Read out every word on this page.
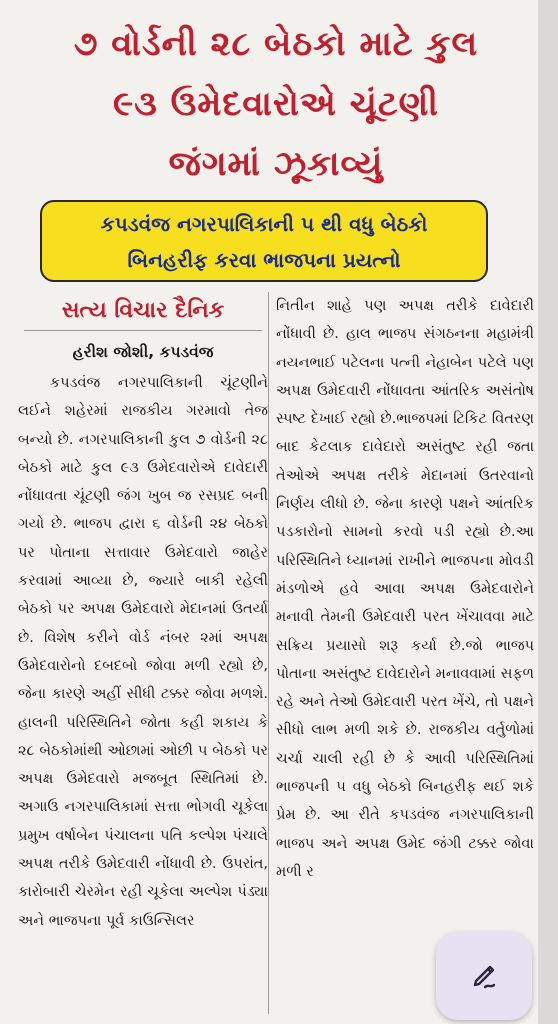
૭ વોર્ડની ૨૮ બેઠકો માટે કુલ
૯૩ ઉમેદવારોએ ચૂંટણી
જંગમાં ઝૂકાવ્યું
કપડવંજ નગરપાલિકાની ૫ થી વધુ બેઠકો
બિનહરીફ કરવા ભાજપના પ્રયત્નો
સત્ય વિચાર દૈનિક
હરીશ જોશી, કપડવંજ

કપડવંજ નગરપાલિકાની ચૂંટણીને લઈને શહેરમાં રાજકીય ગરમાવો તેજ બન્યો છે. નગરપાલિકાની કુલ ૭ વોર્ડની ૨૮ બેઠકો માટે કુલ ૯૩ ઉમેદવારોએ દાવેદારી નોંધાવતા ચૂંટણી જંગ ખુબ જ રસપ્રદ બની ગયો છે. ભાજપ દ્વારા ૬ વોર્ડની ૨૪ બેઠકો પર પોતાના સત્તાવાર ઉમેદવારો જાહેર કરવામાં આવ્યા છે, જ્યારે બાકી રહેલી બેઠકો પર અપક્ષ ઉમેદવારો મેદાનમાં ઉતર્યા છે. વિશેષ કરીને વોર્ડ નંબર ૨માં અપક્ષ ઉમેદવારોનો દબદબો જોવા મળી રહ્યો છે, જેના કારણે અહીં સીધી ટક્કર જોવા મળશે. હાલની પરિસ્થિતિને જોતા કહી શકાય કે ૨૮ બેઠકોમાંથી ઓછામાં ઓછી ૫ બેઠકો પર અપક્ષ ઉમેદવારો મજબૂત સ્થિતિમાં છે. અગાઉ નગરપાલિકામાં સત્તા ભોગવી ચૂકેલા પ્રમુખ વર્ષાબેન પંચાલના પતિ કલ્પેશ પંચાલે અપક્ષ તરીકે ઉમેદવારી નોંધાવી છે. ઉપરાંત, કારોબારી ચેરમેન રહી ચૂકેલા અલ્પેશ પંડ્યા અને ભાજપના પૂર્વ કાઉન્સિલર

નિતીન શાહે પણ અપક્ષ તરીકે દાવેદારી નોંધાવી છે. હાલ ભાજપ સંગઠનના મહામંત્રી નયનભાઈ પટેલના પત્ની નેહાબેન પટેલે પણ અપક્ષ ઉમેદવારી નોંધાવતા આંતરિક અસંતોષ સ્પષ્ટ દેખાઈ રહ્યો છે.ભાજપમાં ટિકિટ વિતરણ બાદ કેટલાક દાવેદારો અસંતુષ્ટ રહી જતા તેઓએ અપક્ષ તરીકે મેદાનમાં ઉતરવાનો નિર્ણય લીધો છે. જેના કારણે પક્ષને આંતરિક પડકારોનો સામનો કરવો પડી રહ્યો છે.આ પરિસ્થિતિને ધ્યાનમાં રાખીને ભાજપના મોવડી મંડળોએ હવે આવા અપક્ષ ઉમેદવારોને મનાવી તેમની ઉમેદવારી પરત ખેંચાવવા માટે સક્રિય પ્રયાસો શરૂ કર્યા છે.જો ભાજપ પોતાના અસંતુષ્ટ દાવેદારોને મનાવવામાં સફળ રહે અને તેઓ ઉમેદવારી પરત ખેંચે, તો પક્ષને સીધો લાભ મળી શકે છે. રાજકીય વર્તુળોમાં ચર્ચા ચાલી રહી છે કે આવી પરિસ્થિતિમાં ભાજપની ૫ વધુ બેઠકો બિનહરીફ થઈ શકે પ્રેમ છે. આ રીતે કપડવંજ નગરપાલિકાની ભાજપ અને અપક્ષ ઉમેદ જંગી ટક્કર જોવા મળી ર
